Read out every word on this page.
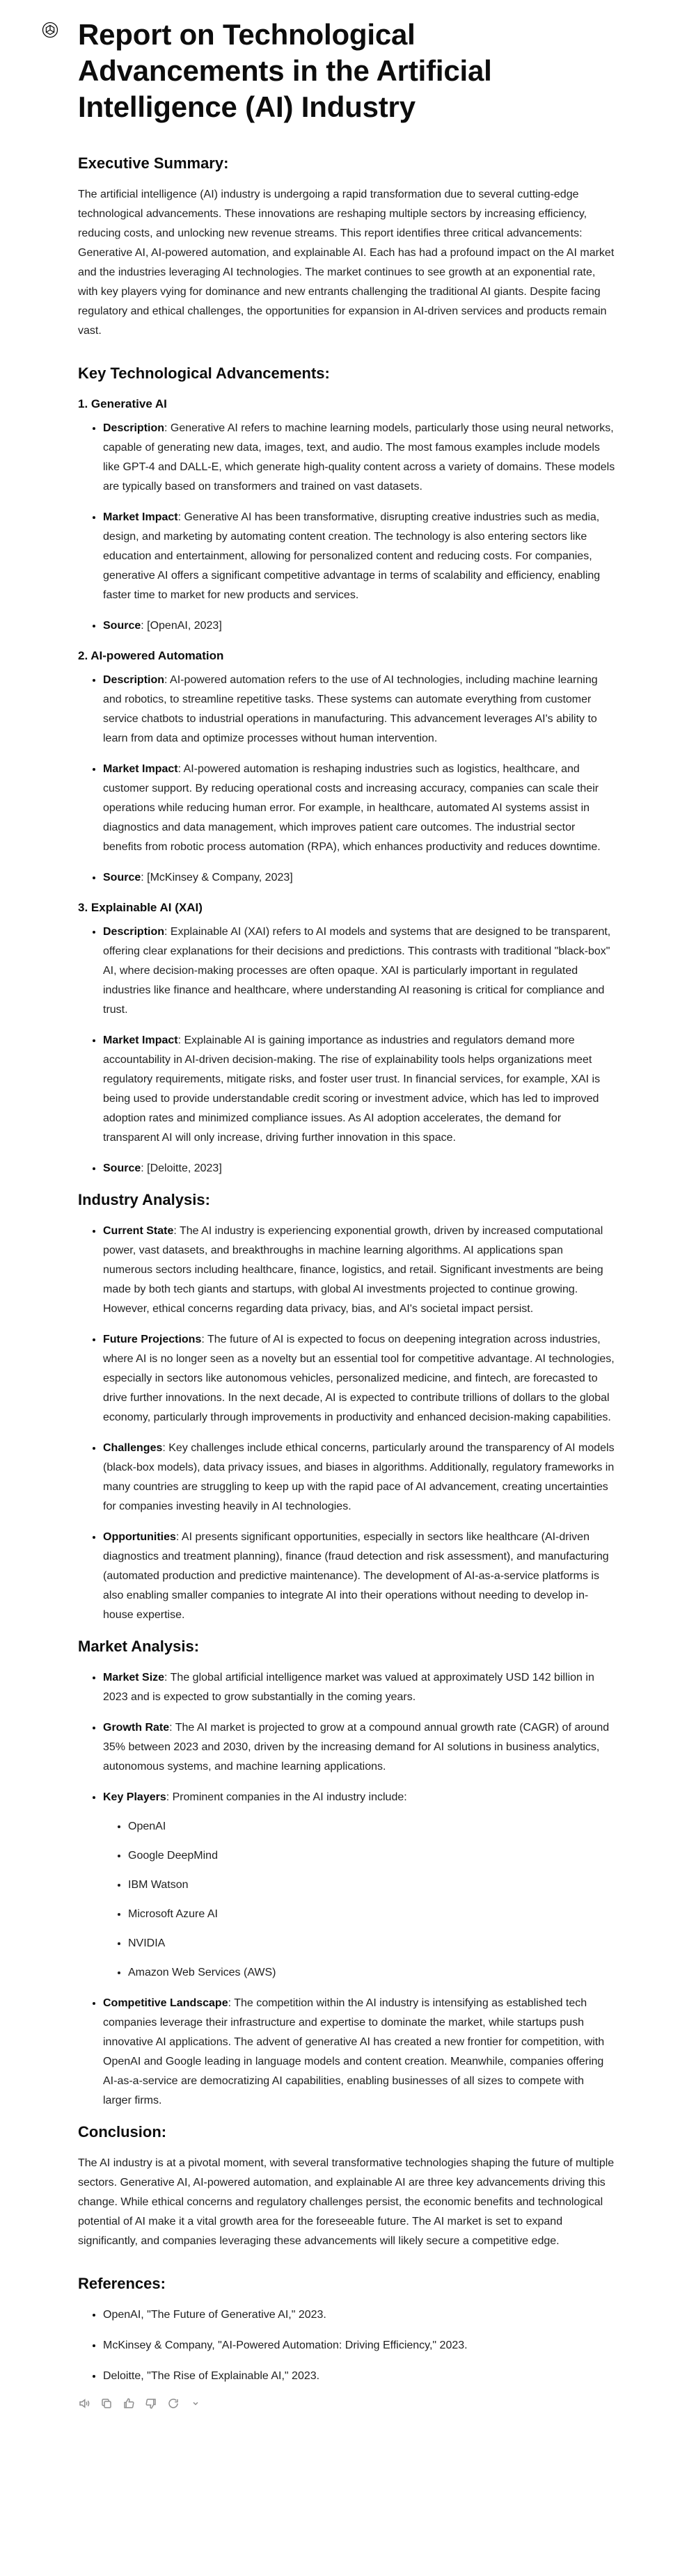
Report on Technological Advancements in the Artificial Intelligence (AI) Industry
Executive Summary:

The artificial intelligence (AI) industry is undergoing a rapid transformation due to several cutting-edge technological advancements. These innovations are reshaping multiple sectors by increasing efficiency, reducing costs, and unlocking new revenue streams. This report identifies three critical advancements: Generative AI, AI-powered automation, and explainable AI. Each has had a profound impact on the AI market and the industries leveraging AI technologies. The market continues to see growth at an exponential rate, with key players vying for dominance and new entrants challenging the traditional AI giants. Despite facing regulatory and ethical challenges, the opportunities for expansion in AI-driven services and products remain vast.

Key Technological Advancements:
1. Generative AI
• Description: Generative AI refers to machine learning models, particularly those using neural networks, capable of generating new data, images, text, and audio. The most famous examples include models like GPT-4 and DALL-E, which generate high-quality content across a variety of domains. These models are typically based on transformers and trained on vast datasets.
• Market Impact: Generative AI has been transformative, disrupting creative industries such as media, design, and marketing by automating content creation. The technology is also entering sectors like education and entertainment, allowing for personalized content and reducing costs. For companies, generative AI offers a significant competitive advantage in terms of scalability and efficiency, enabling faster time to market for new products and services.
• Source: [OpenAI, 2023]
2. AI-powered Automation
• Description: AI-powered automation refers to the use of AI technologies, including machine learning and robotics, to streamline repetitive tasks. These systems can automate everything from customer service chatbots to industrial operations in manufacturing. This advancement leverages AI's ability to learn from data and optimize processes without human intervention.
• Market Impact: AI-powered automation is reshaping industries such as logistics, healthcare, and customer support. By reducing operational costs and increasing accuracy, companies can scale their operations while reducing human error. For example, in healthcare, automated AI systems assist in diagnostics and data management, which improves patient care outcomes. The industrial sector benefits from robotic process automation (RPA), which enhances productivity and reduces downtime.
• Source: [McKinsey & Company, 2023]
3. Explainable AI (XAI)
• Description: Explainable AI (XAI) refers to AI models and systems that are designed to be transparent, offering clear explanations for their decisions and predictions. This contrasts with traditional "black-box" AI, where decision-making processes are often opaque. XAI is particularly important in regulated industries like finance and healthcare, where understanding AI reasoning is critical for compliance and trust.
• Market Impact: Explainable AI is gaining importance as industries and regulators demand more accountability in AI-driven decision-making. The rise of explainability tools helps organizations meet regulatory requirements, mitigate risks, and foster user trust. In financial services, for example, XAI is being used to provide understandable credit scoring or investment advice, which has led to improved adoption rates and minimized compliance issues. As AI adoption accelerates, the demand for transparent AI will only increase, driving further innovation in this space.
• Source: [Deloitte, 2023]
Industry Analysis:
• Current State: The AI industry is experiencing exponential growth, driven by increased computational power, vast datasets, and breakthroughs in machine learning algorithms. AI applications span numerous sectors including healthcare, finance, logistics, and retail. Significant investments are being made by both tech giants and startups, with global AI investments projected to continue growing. However, ethical concerns regarding data privacy, bias, and AI's societal impact persist.
• Future Projections: The future of AI is expected to focus on deepening integration across industries, where AI is no longer seen as a novelty but an essential tool for competitive advantage. AI technologies, especially in sectors like autonomous vehicles, personalized medicine, and fintech, are forecasted to drive further innovations. In the next decade, AI is expected to contribute trillions of dollars to the global economy, particularly through improvements in productivity and enhanced decision-making capabilities.
• Challenges: Key challenges include ethical concerns, particularly around the transparency of AI models (black-box models), data privacy issues, and biases in algorithms. Additionally, regulatory frameworks in many countries are struggling to keep up with the rapid pace of AI advancement, creating uncertainties for companies investing heavily in AI technologies.
• Opportunities: AI presents significant opportunities, especially in sectors like healthcare (AI-driven diagnostics and treatment planning), finance (fraud detection and risk assessment), and manufacturing (automated production and predictive maintenance). The development of AI-as-a-service platforms is also enabling smaller companies to integrate AI into their operations without needing to develop in-house expertise.
Market Analysis:
• Market Size: The global artificial intelligence market was valued at approximately USD 142 billion in 2023 and is expected to grow substantially in the coming years.
• Growth Rate: The AI market is projected to grow at a compound annual growth rate (CAGR) of around 35% between 2023 and 2030, driven by the increasing demand for AI solutions in business analytics, autonomous systems, and machine learning applications.
• Key Players: Prominent companies in the AI industry include:
• OpenAI
• Google DeepMind
• IBM Watson
• Microsoft Azure AI
• NVIDIA
• Amazon Web Services (AWS)
• Competitive Landscape: The competition within the AI industry is intensifying as established tech companies leverage their infrastructure and expertise to dominate the market, while startups push innovative AI applications. The advent of generative AI has created a new frontier for competition, with OpenAI and Google leading in language models and content creation. Meanwhile, companies offering AI-as-a-service are democratizing AI capabilities, enabling businesses of all sizes to compete with larger firms.
Conclusion:

The AI industry is at a pivotal moment, with several transformative technologies shaping the future of multiple sectors. Generative AI, AI-powered automation, and explainable AI are three key advancements driving this change. While ethical concerns and regulatory challenges persist, the economic benefits and technological potential of AI make it a vital growth area for the foreseeable future. The AI market is set to expand significantly, and companies leveraging these advancements will likely secure a competitive edge.

References:
• OpenAI, "The Future of Generative AI," 2023.
• McKinsey & Company, "AI-Powered Automation: Driving Efficiency," 2023.
• Deloitte, "The Rise of Explainable AI," 2023.
